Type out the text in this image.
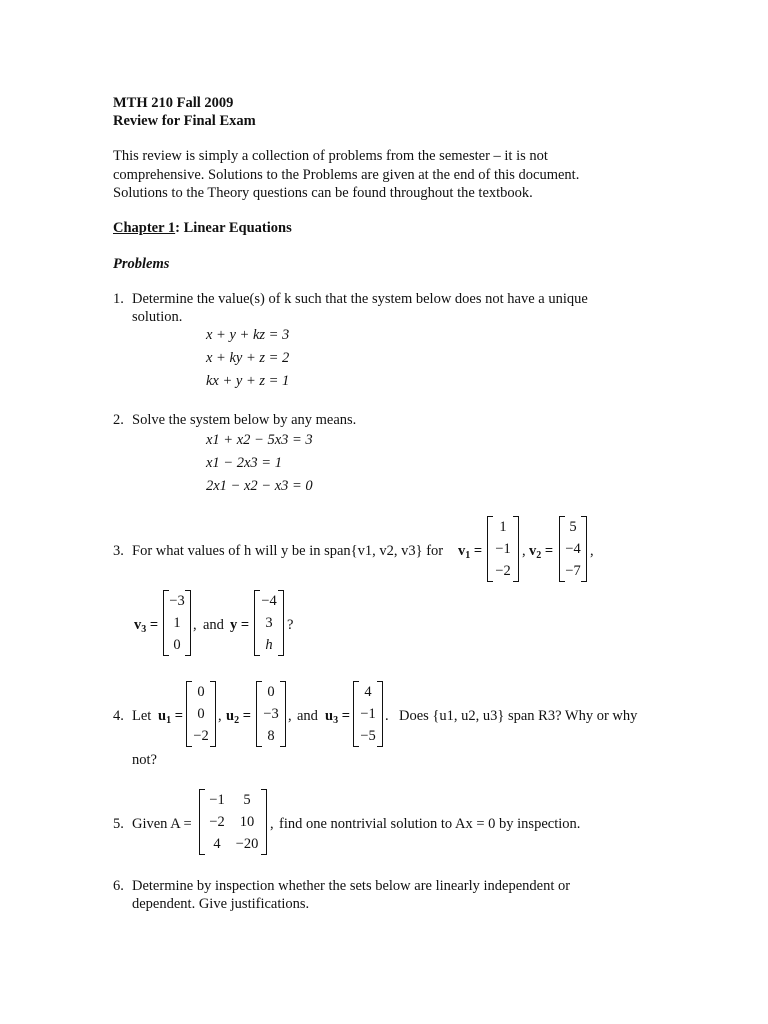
MTH 210 Fall 2009
Review for Final Exam
This review is simply a collection of problems from the semester – it is not
comprehensive. Solutions to the Problems are given at the end of this document.
Solutions to the Theory questions can be found throughout the textbook.
Chapter 1: Linear Equations
Problems
1. Determine the value(s) of k such that the system below does not have a unique
solution.
x + y + kz = 3
x + ky + z = 2
kx + y + z = 1
2. Solve the system below by any means.
x1 + x2 − 5x3 = 3
x1 − 2x3 = 1
2x1 − x2 − x3 = 0
3. For what values of h will y be in span{v1, v2, v3} for $v_1$ =
1
−1
−2
, $v_2$ =
5
−4
−7
,
$v_3$ =
−3
1
0
, and y =
−4
3
h
?
4. Let $u_1$ =
0
0
−2
, $u_2$ =
0
−3
8
, and $u_3$ =
4
−1
−5
. Does {u1, u2, u3} span R3? Why or why
not?
5. Given A =
−1	5
−2	10
4	−20
, find one nontrivial solution to Ax = 0 by inspection.
6. Determine by inspection whether the sets below are linearly independent or
dependent. Give justifications.
